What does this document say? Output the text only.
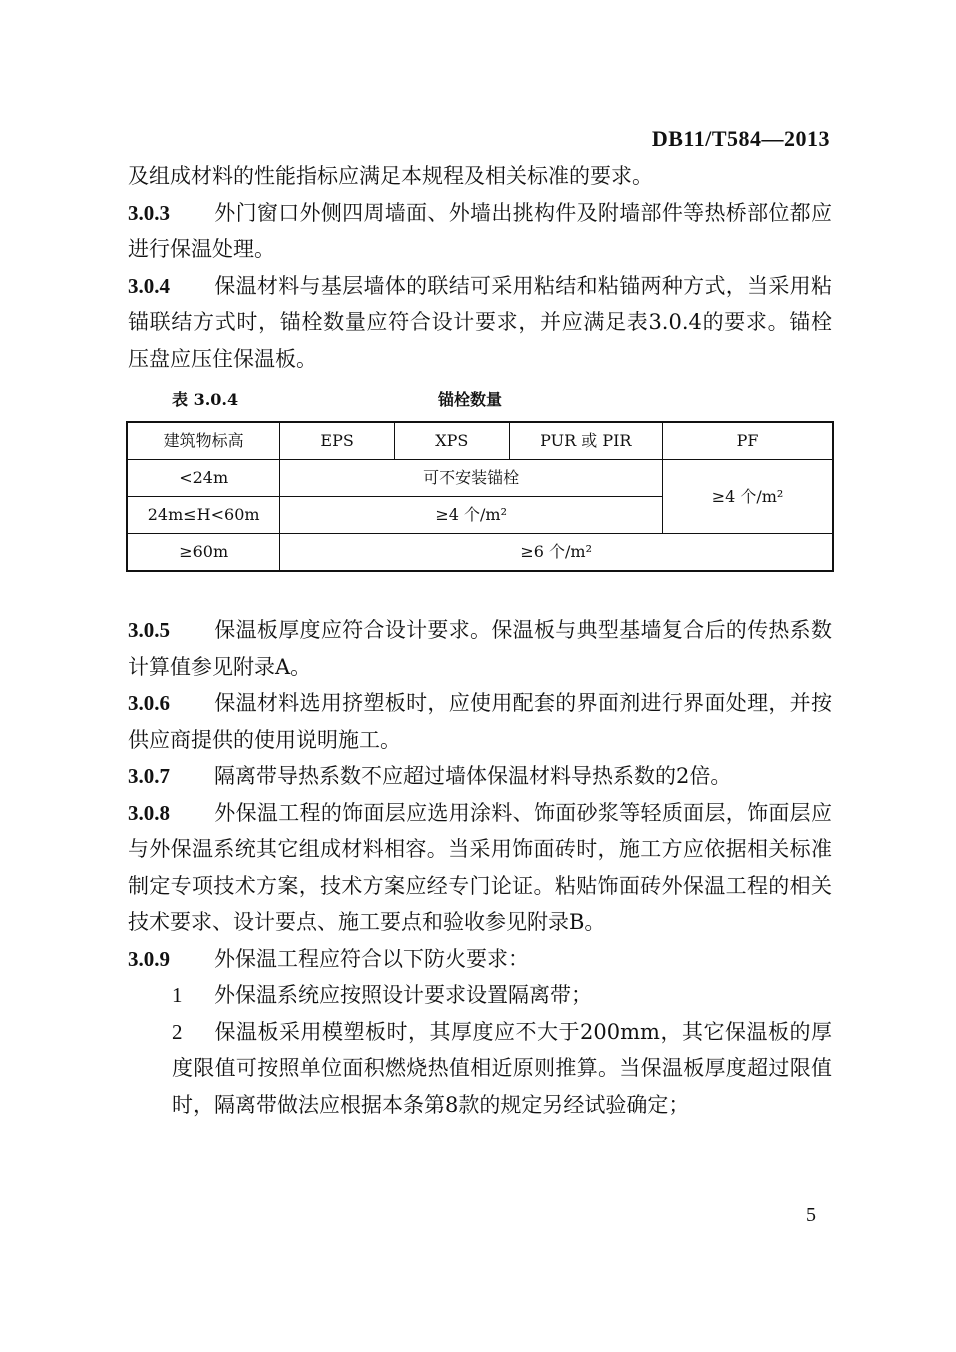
DB11/T584—2013

及组成材料的性能指标应满足本规程及相关标准的要求。

3.0.3 外门窗口外侧四周墙面、外墙出挑构件及附墙部件等热桥部位都应进行保温处理。

3.0.4 保温材料与基层墙体的联结可采用粘结和粘锚两种方式，当采用粘锚联结方式时，锚栓数量应符合设计要求，并应满足表3.0.4的要求。锚栓压盘应压住保温板。

表 3.0.4	锚栓数量
建筑物标高	EPS	XPS	PUR 或 PIR	PF
<24m	可不安装锚栓			≥4 个/m²
24m≤H<60m	≥4 个/m²			
≥60m	≥6 个/m²			

3.0.5 保温板厚度应符合设计要求。保温板与典型基墙复合后的传热系数计算值参见附录A。

3.0.6 保温材料选用挤塑板时，应使用配套的界面剂进行界面处理，并按供应商提供的使用说明施工。

3.0.7 隔离带导热系数不应超过墙体保温材料导热系数的2倍。

3.0.8 外保温工程的饰面层应选用涂料、饰面砂浆等轻质面层，饰面层应与外保温系统其它组成材料相容。当采用饰面砖时，施工方应依据相关标准制定专项技术方案，技术方案应经专门论证。粘贴饰面砖外保温工程的相关技术要求、设计要点、施工要点和验收参见附录B。

3.0.9 外保温工程应符合以下防火要求：

1 外保温系统应按照设计要求设置隔离带；

2 保温板采用模塑板时，其厚度应不大于200mm，其它保温板的厚度限值可按照单位面积燃烧热值相近原则推算。当保温板厚度超过限值时，隔离带做法应根据本条第8款的规定另经试验确定；

5
